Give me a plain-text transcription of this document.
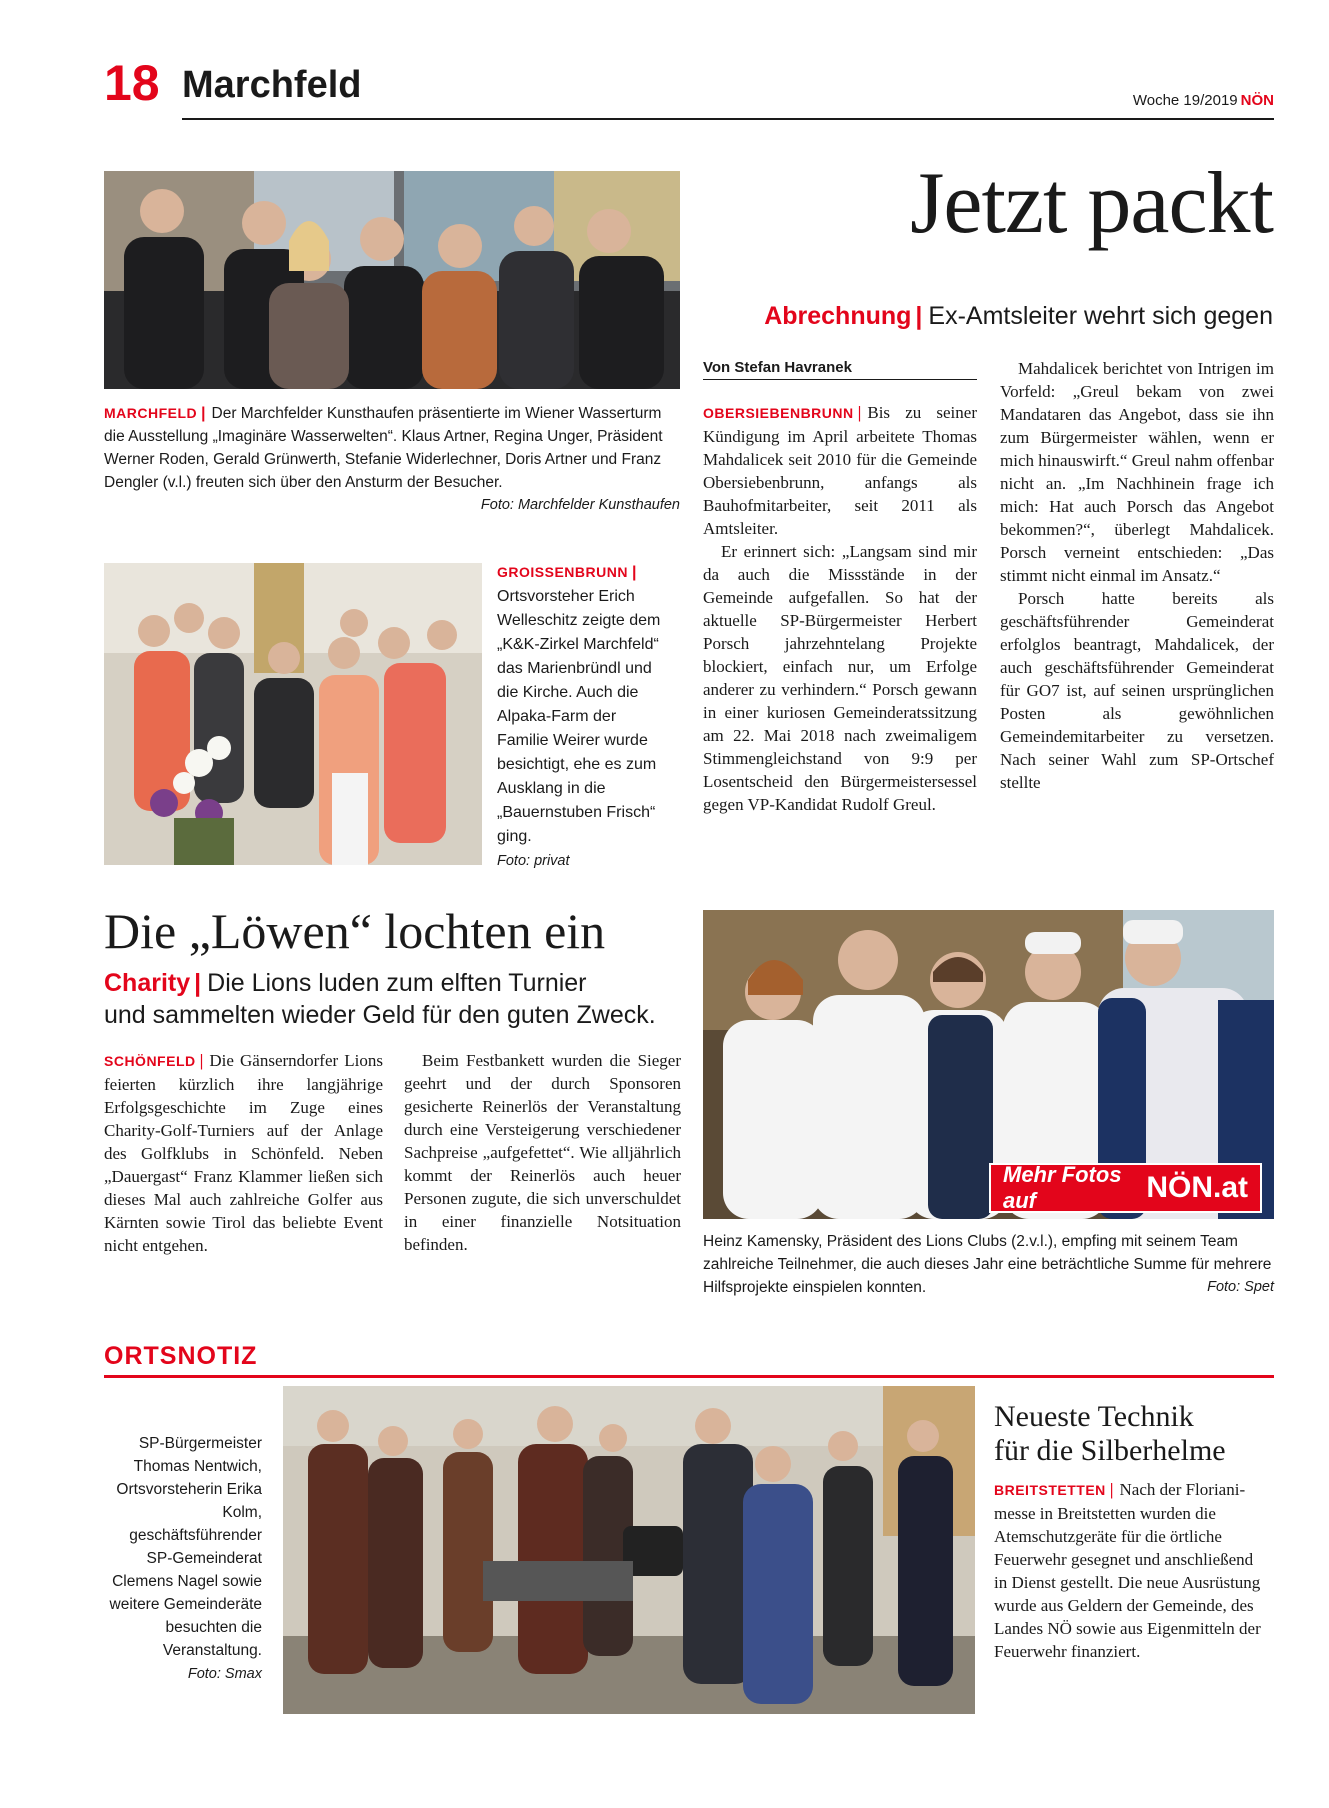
18 Marchfeld	Woche 19/2019 NÖN
MARCHFELD | Der Marchfelder Kunsthaufen präsentierte im Wiener Wasserturm die Ausstellung „Imaginäre Wasserwelten“. Klaus Artner, Regina Unger, Präsident Werner Roden, Gerald Grünwerth, Stefanie Widerlechner, Doris Artner und Franz Dengler (v.l.) freuten sich über den Ansturm der Besucher.
Foto: Marchfelder Kunsthaufen
GROISSENBRUNN | Ortsvorsteher Erich Welleschitz zeigte dem „K&K-Zirkel Marchfeld“ das Marienbründl und die Kirche. Auch die Alpaka-Farm der Familie Weirer wurde besichtigt, ehe es zum Ausklang in die „Bauernstuben Frisch“ ging.
Foto: privat
Jetzt packt
Abrechnung | Ex-Amtsleiter wehrt sich gegen
Von Stefan Havranek

OBERSIEBENBRUNN | Bis zu seiner Kündigung im April arbeitete Thomas Mahdalicek seit 2010 für die Gemeinde Obersiebenbrunn, anfangs als Bauhofmitarbeiter, seit 2011 als Amtsleiter.

Er erinnert sich: „Langsam sind mir da auch die Missstände in der Gemeinde aufgefallen. So hat der aktuelle SP-Bürgermeister Herbert Porsch jahrzehntelang Projekte blockiert, einfach nur, um Erfolge anderer zu verhindern.“ Porsch gewann in einer kuriosen Gemeinderatssitzung am 22. Mai 2018 nach zweimaligem Stimmengleichstand von 9:9 per Losentscheid den Bürgermeistersessel gegen VP-Kandidat Rudolf Greul.

Mahdalicek berichtet von Intrigen im Vorfeld: „Greul bekam von zwei Mandataren das Angebot, dass sie ihn zum Bürgermeister wählen, wenn er mich hinauswirft.“ Greul nahm offenbar nicht an. „Im Nachhinein frage ich mich: Hat auch Porsch das Angebot bekommen?“, überlegt Mahdalicek. Porsch verneint entschieden: „Das stimmt nicht einmal im Ansatz.“

Porsch hatte bereits als geschäftsführender Gemeinderat erfolglos beantragt, Mahdalicek, der auch geschäftsführender Gemeinderat für GO7 ist, auf seinen ursprünglichen Posten als gewöhnlichen Gemeindemitarbeiter zu versetzen. Nach seiner Wahl zum SP-Ortschef stellte

Die „Löwen“ lochten ein
Charity | Die Lions luden zum elften Turnier
und sammelten wieder Geld für den guten Zweck.

SCHÖNFELD | Die Gänserndorfer Lions feierten kürzlich ihre langjährige Erfolgsgeschichte im Zuge eines Charity-Golf-Turniers auf der Anlage des Golfklubs in Schönfeld. Neben „Dauergast“ Franz Klammer ließen sich dieses Mal auch zahlreiche Golfer aus Kärnten sowie Tirol das beliebte Event nicht entgehen.

Beim Festbankett wurden die Sieger geehrt und der durch Sponsoren gesicherte Reinerlös der Veranstaltung durch eine Versteigerung verschiedener Sachpreise „aufgefettet“. Wie alljährlich kommt der Reinerlös auch heuer Personen zugute, die sich unverschuldet in einer finanzielle Notsituation befinden.

Mehr Fotos auf	NÖN.at
Heinz Kamensky, Präsident des Lions Clubs (2.v.l.), empfing mit seinem Team zahlreiche Teilnehmer, die auch dieses Jahr eine beträchtliche Summe für mehrere Hilfsprojekte einspielen konnten.	Foto: Spet
ORTSNOTIZ
SP-Bürgermeister Thomas Nentwich, Ortsvorsteherin Erika Kolm, geschäftsführender SP-Gemeinderat Clemens Nagel sowie weitere Gemeinderäte besuchten die Veranstaltung.
Foto: Smax
Neueste Technik
für die Silberhelme
BREITSTETTEN | Nach der Florianimesse in Breitstetten wurden die Atemschutzgeräte für die örtliche Feuerwehr gesegnet und anschließend in Dienst gestellt. Die neue Ausrüstung wurde aus Geldern der Gemeinde, des Landes NÖ sowie aus Eigenmitteln der Feuerwehr finanziert.
